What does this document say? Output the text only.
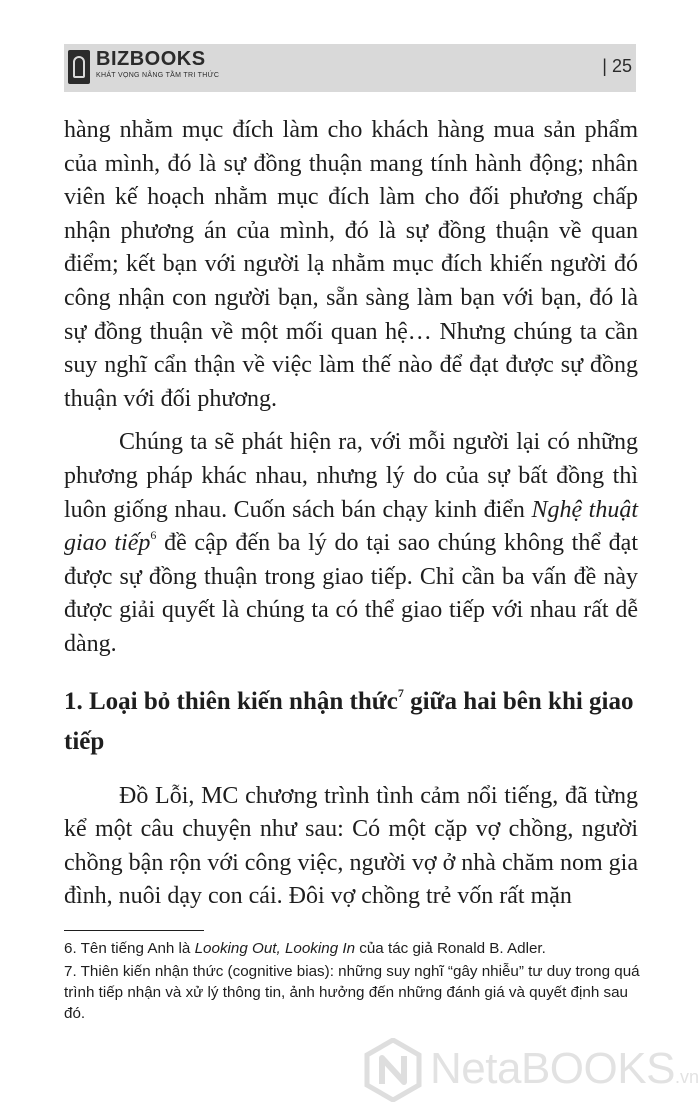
BIZBOOKS
KHÁT VỌNG NÂNG TẦM TRI THỨC	| 25

hàng nhằm mục đích làm cho khách hàng mua sản phẩm của mình, đó là sự đồng thuận mang tính hành động; nhân viên kế hoạch nhằm mục đích làm cho đối phương chấp nhận phương án của mình, đó là sự đồng thuận về quan điểm; kết bạn với người lạ nhằm mục đích khiến người đó công nhận con người bạn, sẵn sàng làm bạn với bạn, đó là sự đồng thuận về một mối quan hệ… Nhưng chúng ta cần suy nghĩ cẩn thận về việc làm thế nào để đạt được sự đồng thuận với đối phương.

Chúng ta sẽ phát hiện ra, với mỗi người lại có những phương pháp khác nhau, nhưng lý do của sự bất đồng thì luôn giống nhau. Cuốn sách bán chạy kinh điển Nghệ thuật giao tiếp$^6$ đề cập đến ba lý do tại sao chúng không thể đạt được sự đồng thuận trong giao tiếp. Chỉ cần ba vấn đề này được giải quyết là chúng ta có thể giao tiếp với nhau rất dễ dàng.

1. Loại bỏ thiên kiến nhận thức$^7$ giữa hai bên khi giao tiếp

Đồ Lỗi, MC chương trình tình cảm nổi tiếng, đã từng kể một câu chuyện như sau: Có một cặp vợ chồng, người chồng bận rộn với công việc, người vợ ở nhà chăm nom gia đình, nuôi dạy con cái. Đôi vợ chồng trẻ vốn rất mặn

6. Tên tiếng Anh là Looking Out, Looking In của tác giả Ronald B. Adler.

7. Thiên kiến nhận thức (cognitive bias): những suy nghĩ “gây nhiễu” tư duy trong quá trình tiếp nhận và xử lý thông tin, ảnh hưởng đến những đánh giá và quyết định sau đó.

NetaBOOKS.vn
